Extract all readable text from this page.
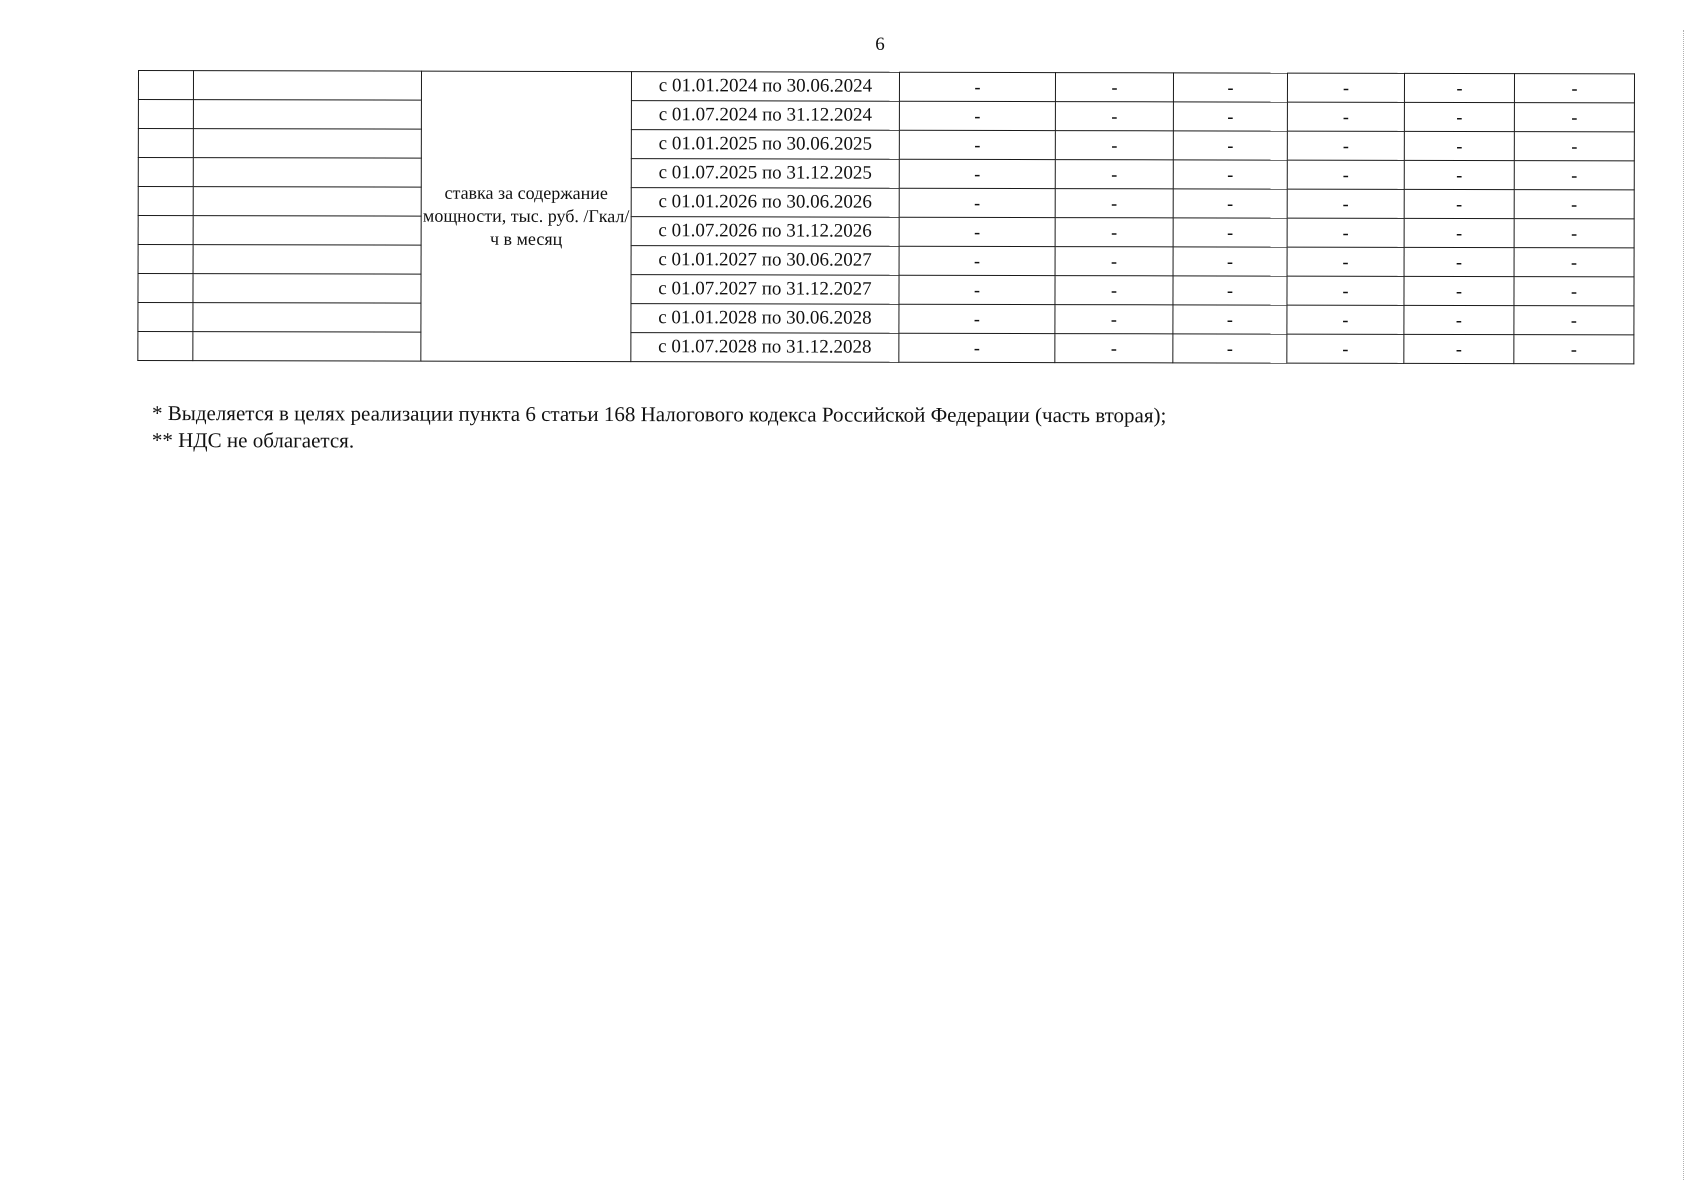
6
		ставка за содержание мощности, тыс. руб. /Гкал/ч в месяц	с 01.01.2024 по 30.06.2024	-	-	-	-	-	-
			с 01.07.2024 по 31.12.2024	-	-	-	-	-	-
			с 01.01.2025 по 30.06.2025	-	-	-	-	-	-
			с 01.07.2025 по 31.12.2025	-	-	-	-	-	-
			с 01.01.2026 по 30.06.2026	-	-	-	-	-	-
			с 01.07.2026 по 31.12.2026	-	-	-	-	-	-
			с 01.01.2027 по 30.06.2027	-	-	-	-	-	-
			с 01.07.2027 по 31.12.2027	-	-	-	-	-	-
			с 01.01.2028 по 30.06.2028	-	-	-	-	-	-
			с 01.07.2028 по 31.12.2028	-	-	-	-	-	-

* Выделяется в целях реализации пункта 6 статьи 168 Налогового кодекса Российской Федерации (часть вторая);

** НДС не облагается.
